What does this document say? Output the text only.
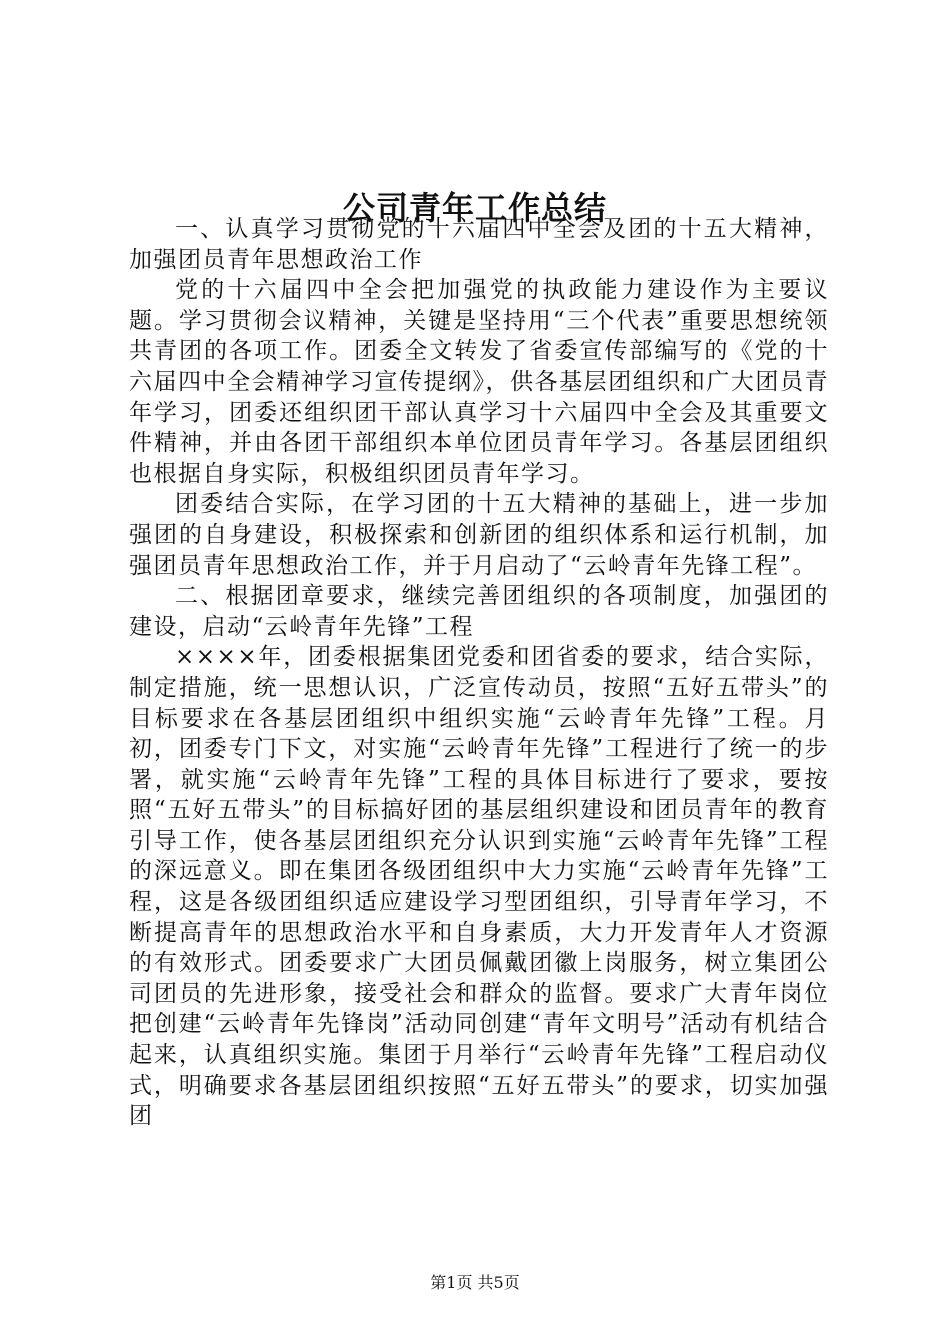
公司青年工作总结

一、认真学习贯彻党的十六届四中全会及团的十五大精神，加强团员青年思想政治工作

党的十六届四中全会把加强党的执政能力建设作为主要议题。学习贯彻会议精神，关键是坚持用“三个代表”重要思想统领共青团的各项工作。团委全文转发了省委宣传部编写的《党的十六届四中全会精神学习宣传提纲》，供各基层团组织和广大团员青年学习，团委还组织团干部认真学习十六届四中全会及其重要文件精神，并由各团干部组织本单位团员青年学习。各基层团组织也根据自身实际，积极组织团员青年学习。

团委结合实际，在学习团的十五大精神的基础上，进一步加强团的自身建设，积极探索和创新团的组织体系和运行机制，加强团员青年思想政治工作，并于月启动了“云岭青年先锋工程”。

二、根据团章要求，继续完善团组织的各项制度，加强团的建设，启动“云岭青年先锋”工程

××××年，团委根据集团党委和团省委的要求，结合实际，制定措施，统一思想认识，广泛宣传动员，按照“五好五带头”的目标要求在各基层团组织中组织实施“云岭青年先锋”工程。月初，团委专门下文，对实施“云岭青年先锋”工程进行了统一的步署，就实施“云岭青年先锋”工程的具体目标进行了要求，要按照“五好五带头”的目标搞好团的基层组织建设和团员青年的教育引导工作，使各基层团组织充分认识到实施“云岭青年先锋”工程的深远意义。即在集团各级团组织中大力实施“云岭青年先锋”工程，这是各级团组织适应建设学习型团组织，引导青年学习，不断提高青年的思想政治水平和自身素质，大力开发青年人才资源的有效形式。团委要求广大团员佩戴团徽上岗服务，树立集团公司团员的先进形象，接受社会和群众的监督。要求广大青年岗位把创建“云岭青年先锋岗”活动同创建“青年文明号”活动有机结合起来，认真组织实施。集团于月举行“云岭青年先锋”工程启动仪式，明确要求各基层团组织按照“五好五带头”的要求，切实加强团

第1页 共5页
